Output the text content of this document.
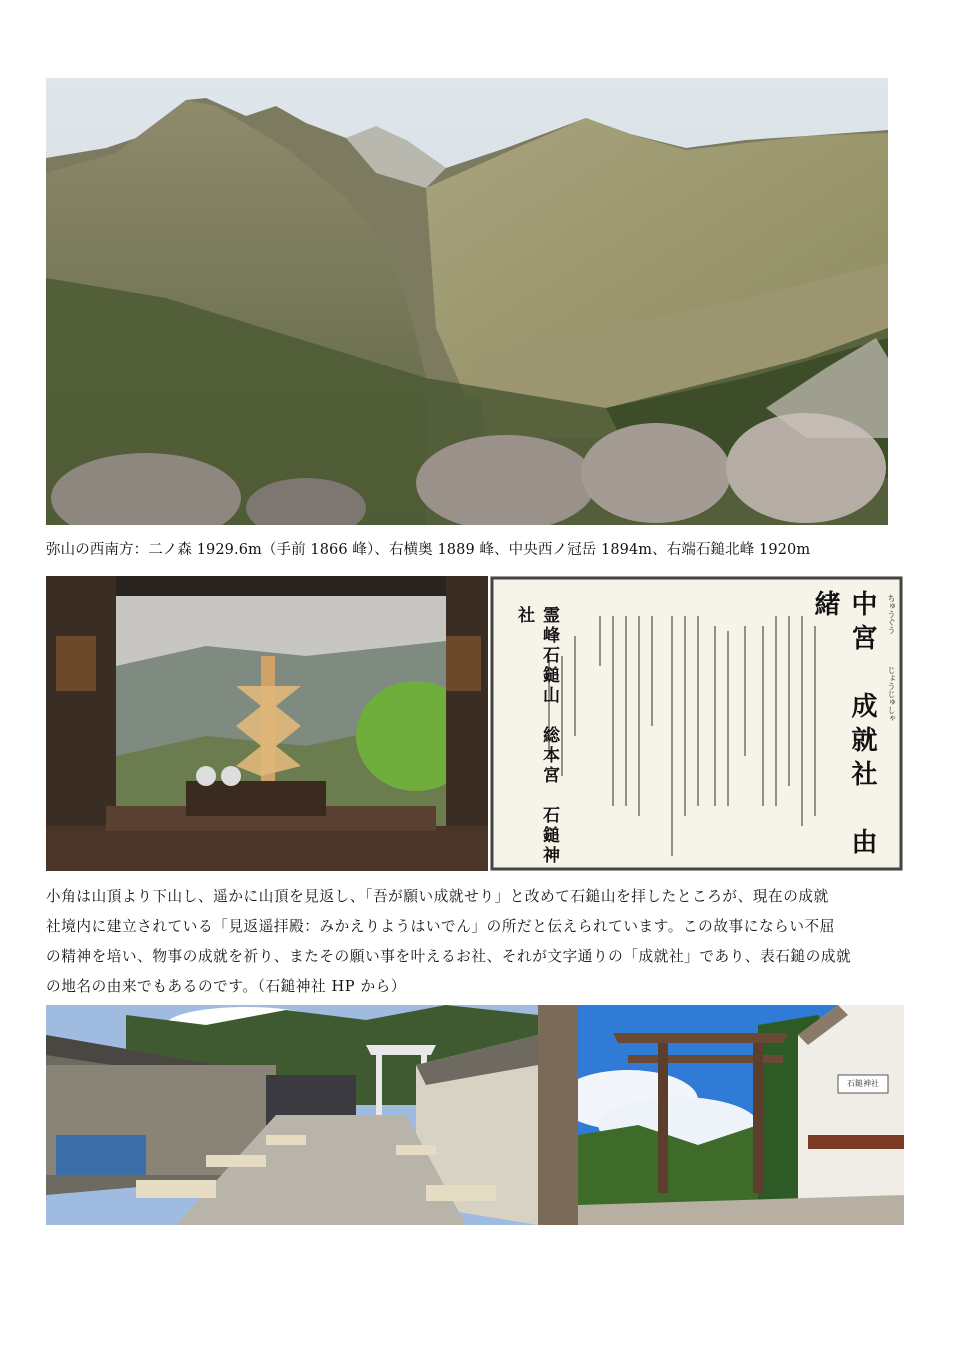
弥山の西南方：二ノ森 1929.6m（手前 1866 峰）、右横奥 1889 峰、中央西ノ冠岳 1894m、右端石鎚北峰 1920m
中宮　成就社　由緒	ちゅうぐう
じょうじゅしゃ
霊峰石鎚山　総本宮　石鎚神社
小角は山頂より下山し、遥かに山頂を見返し、「吾が願い成就せり」と改めて石鎚山を拝したところが、現在の成就
社境内に建立されている「見返遥拝殿：みかえりようはいでん」の所だと伝えられています。この故事にならい不屈
の精神を培い、物事の成就を祈り、またその願い事を叶えるお社、それが文字通りの「成就社」であり、表石鎚の成就
の地名の由来でもあるのです。（石鎚神社 HP から）
石鎚神社
